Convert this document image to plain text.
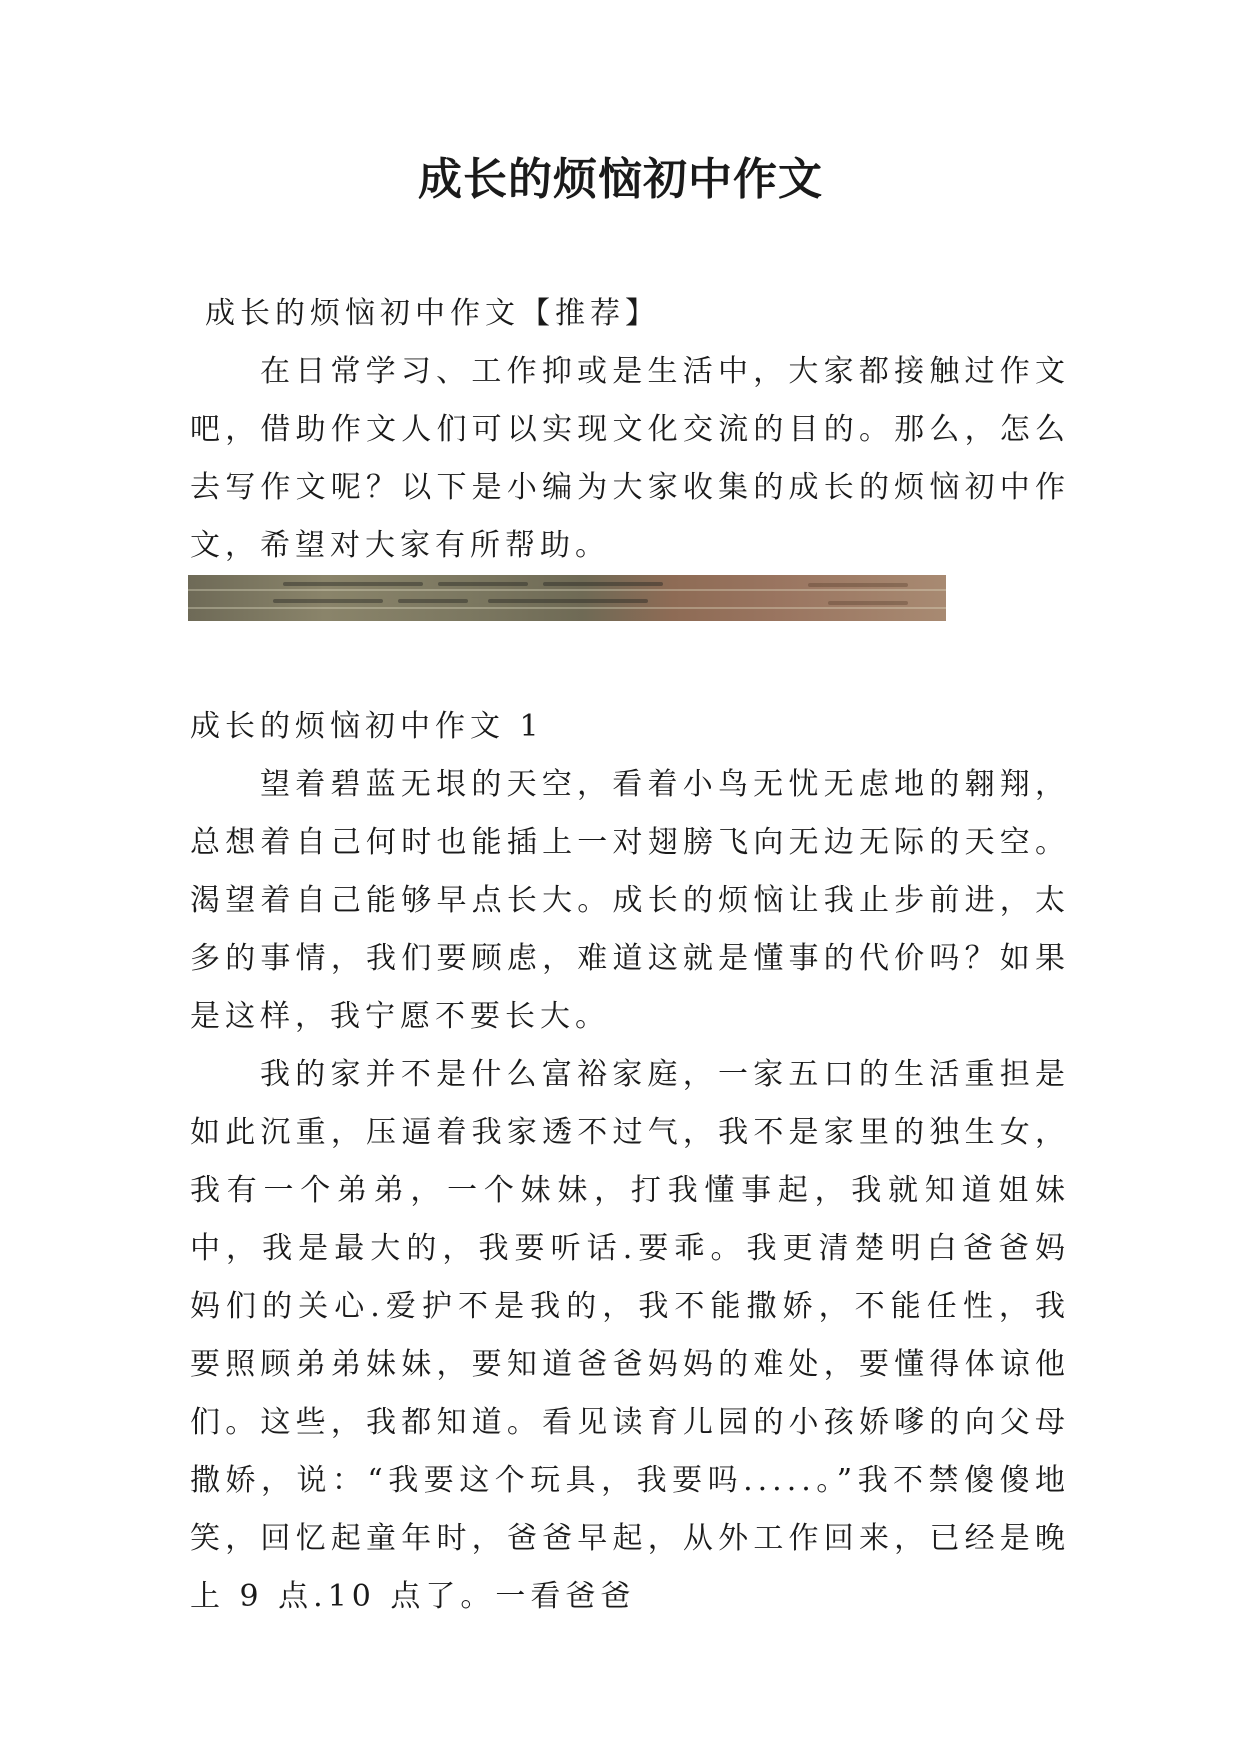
成长的烦恼初中作文

成长的烦恼初中作文【推荐】

在日常学习、工作抑或是生活中，大家都接触过作文吧，借助作文人们可以实现文化交流的目的。那么，怎么去写作文呢？以下是小编为大家收集的成长的烦恼初中作文，希望对大家有所帮助。

成长的烦恼初中作文 1

望着碧蓝无垠的天空，看着小鸟无忧无虑地的翱翔，总想着自己何时也能插上一对翅膀飞向无边无际的天空。渴望着自己能够早点长大。成长的烦恼让我止步前进，太多的事情，我们要顾虑，难道这就是懂事的代价吗？如果是这样，我宁愿不要长大。

我的家并不是什么富裕家庭，一家五口的生活重担是如此沉重，压逼着我家透不过气，我不是家里的独生女，我有一个弟弟，一个妹妹，打我懂事起，我就知道姐妹中，我是最大的，我要听话.要乖。我更清楚明白爸爸妈妈们的关心.爱护不是我的，我不能撒娇，不能任性，我要照顾弟弟妹妹，要知道爸爸妈妈的难处，要懂得体谅他们。这些，我都知道。看见读育儿园的小孩娇嗲的向父母撒娇，说：“我要这个玩具，我要吗.....。”我不禁傻傻地笑，回忆起童年时，爸爸早起，从外工作回来，已经是晚上 9 点.10 点了。一看爸爸
